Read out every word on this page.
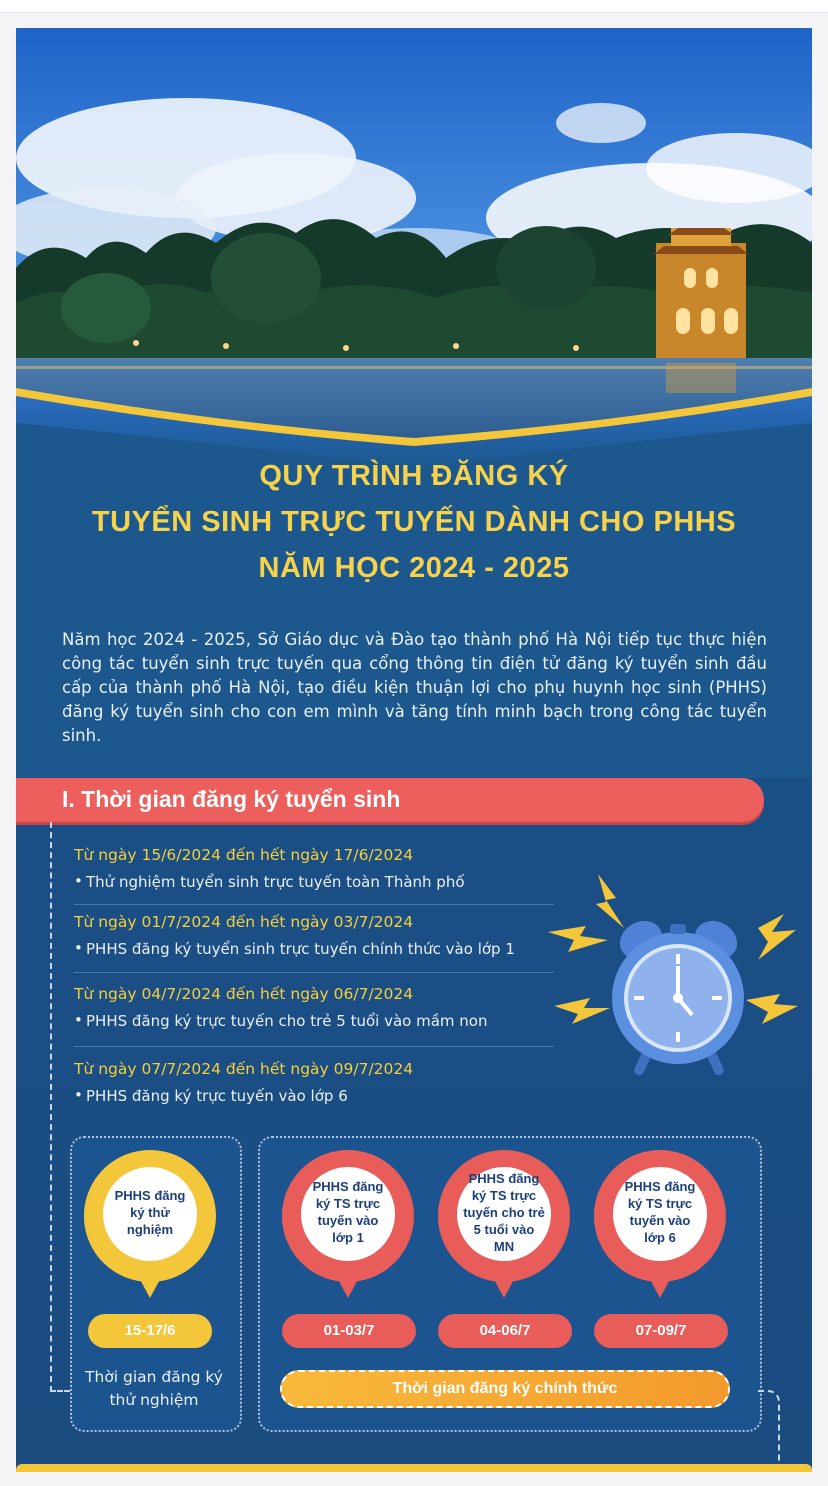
QUY TRÌNH ĐĂNG KÝ
TUYỂN SINH TRỰC TUYẾN DÀNH CHO PHHS
NĂM HỌC 2024 - 2025
Năm học 2024 - 2025, Sở Giáo dục và Đào tạo thành phố Hà Nội tiếp tục thực hiện công tác tuyển sinh trực tuyến qua cổng thông tin điện tử đăng ký tuyển sinh đầu cấp của thành phố Hà Nội, tạo điều kiện thuận lợi cho phụ huynh học sinh (PHHS) đăng ký tuyển sinh cho con em mình và tăng tính minh bạch trong công tác tuyển sinh.
I. Thời gian đăng ký tuyển sinh
Từ ngày 15/6/2024 đến hết ngày 17/6/2024
• Thử nghiệm tuyển sinh trực tuyến toàn Thành phố
Từ ngày 01/7/2024 đến hết ngày 03/7/2024
• PHHS đăng ký tuyển sinh trực tuyến chính thức vào lớp 1
Từ ngày 04/7/2024 đến hết ngày 06/7/2024
• PHHS đăng ký trực tuyến cho trẻ 5 tuổi vào mầm non
Từ ngày 07/7/2024 đến hết ngày 09/7/2024
• PHHS đăng ký trực tuyến vào lớp 6
PHHS đăng ký thử nghiệm
PHHS đăng ký TS trực tuyến vào lớp 1
PHHS đăng ký TS trực tuyến cho trẻ 5 tuổi vào MN
PHHS đăng ký TS trực tuyến vào lớp 6
15-17/6	01-03/7	04-06/7	07-09/7
Thời gian đăng ký thử nghiệm
Thời gian đăng ký chính thức
